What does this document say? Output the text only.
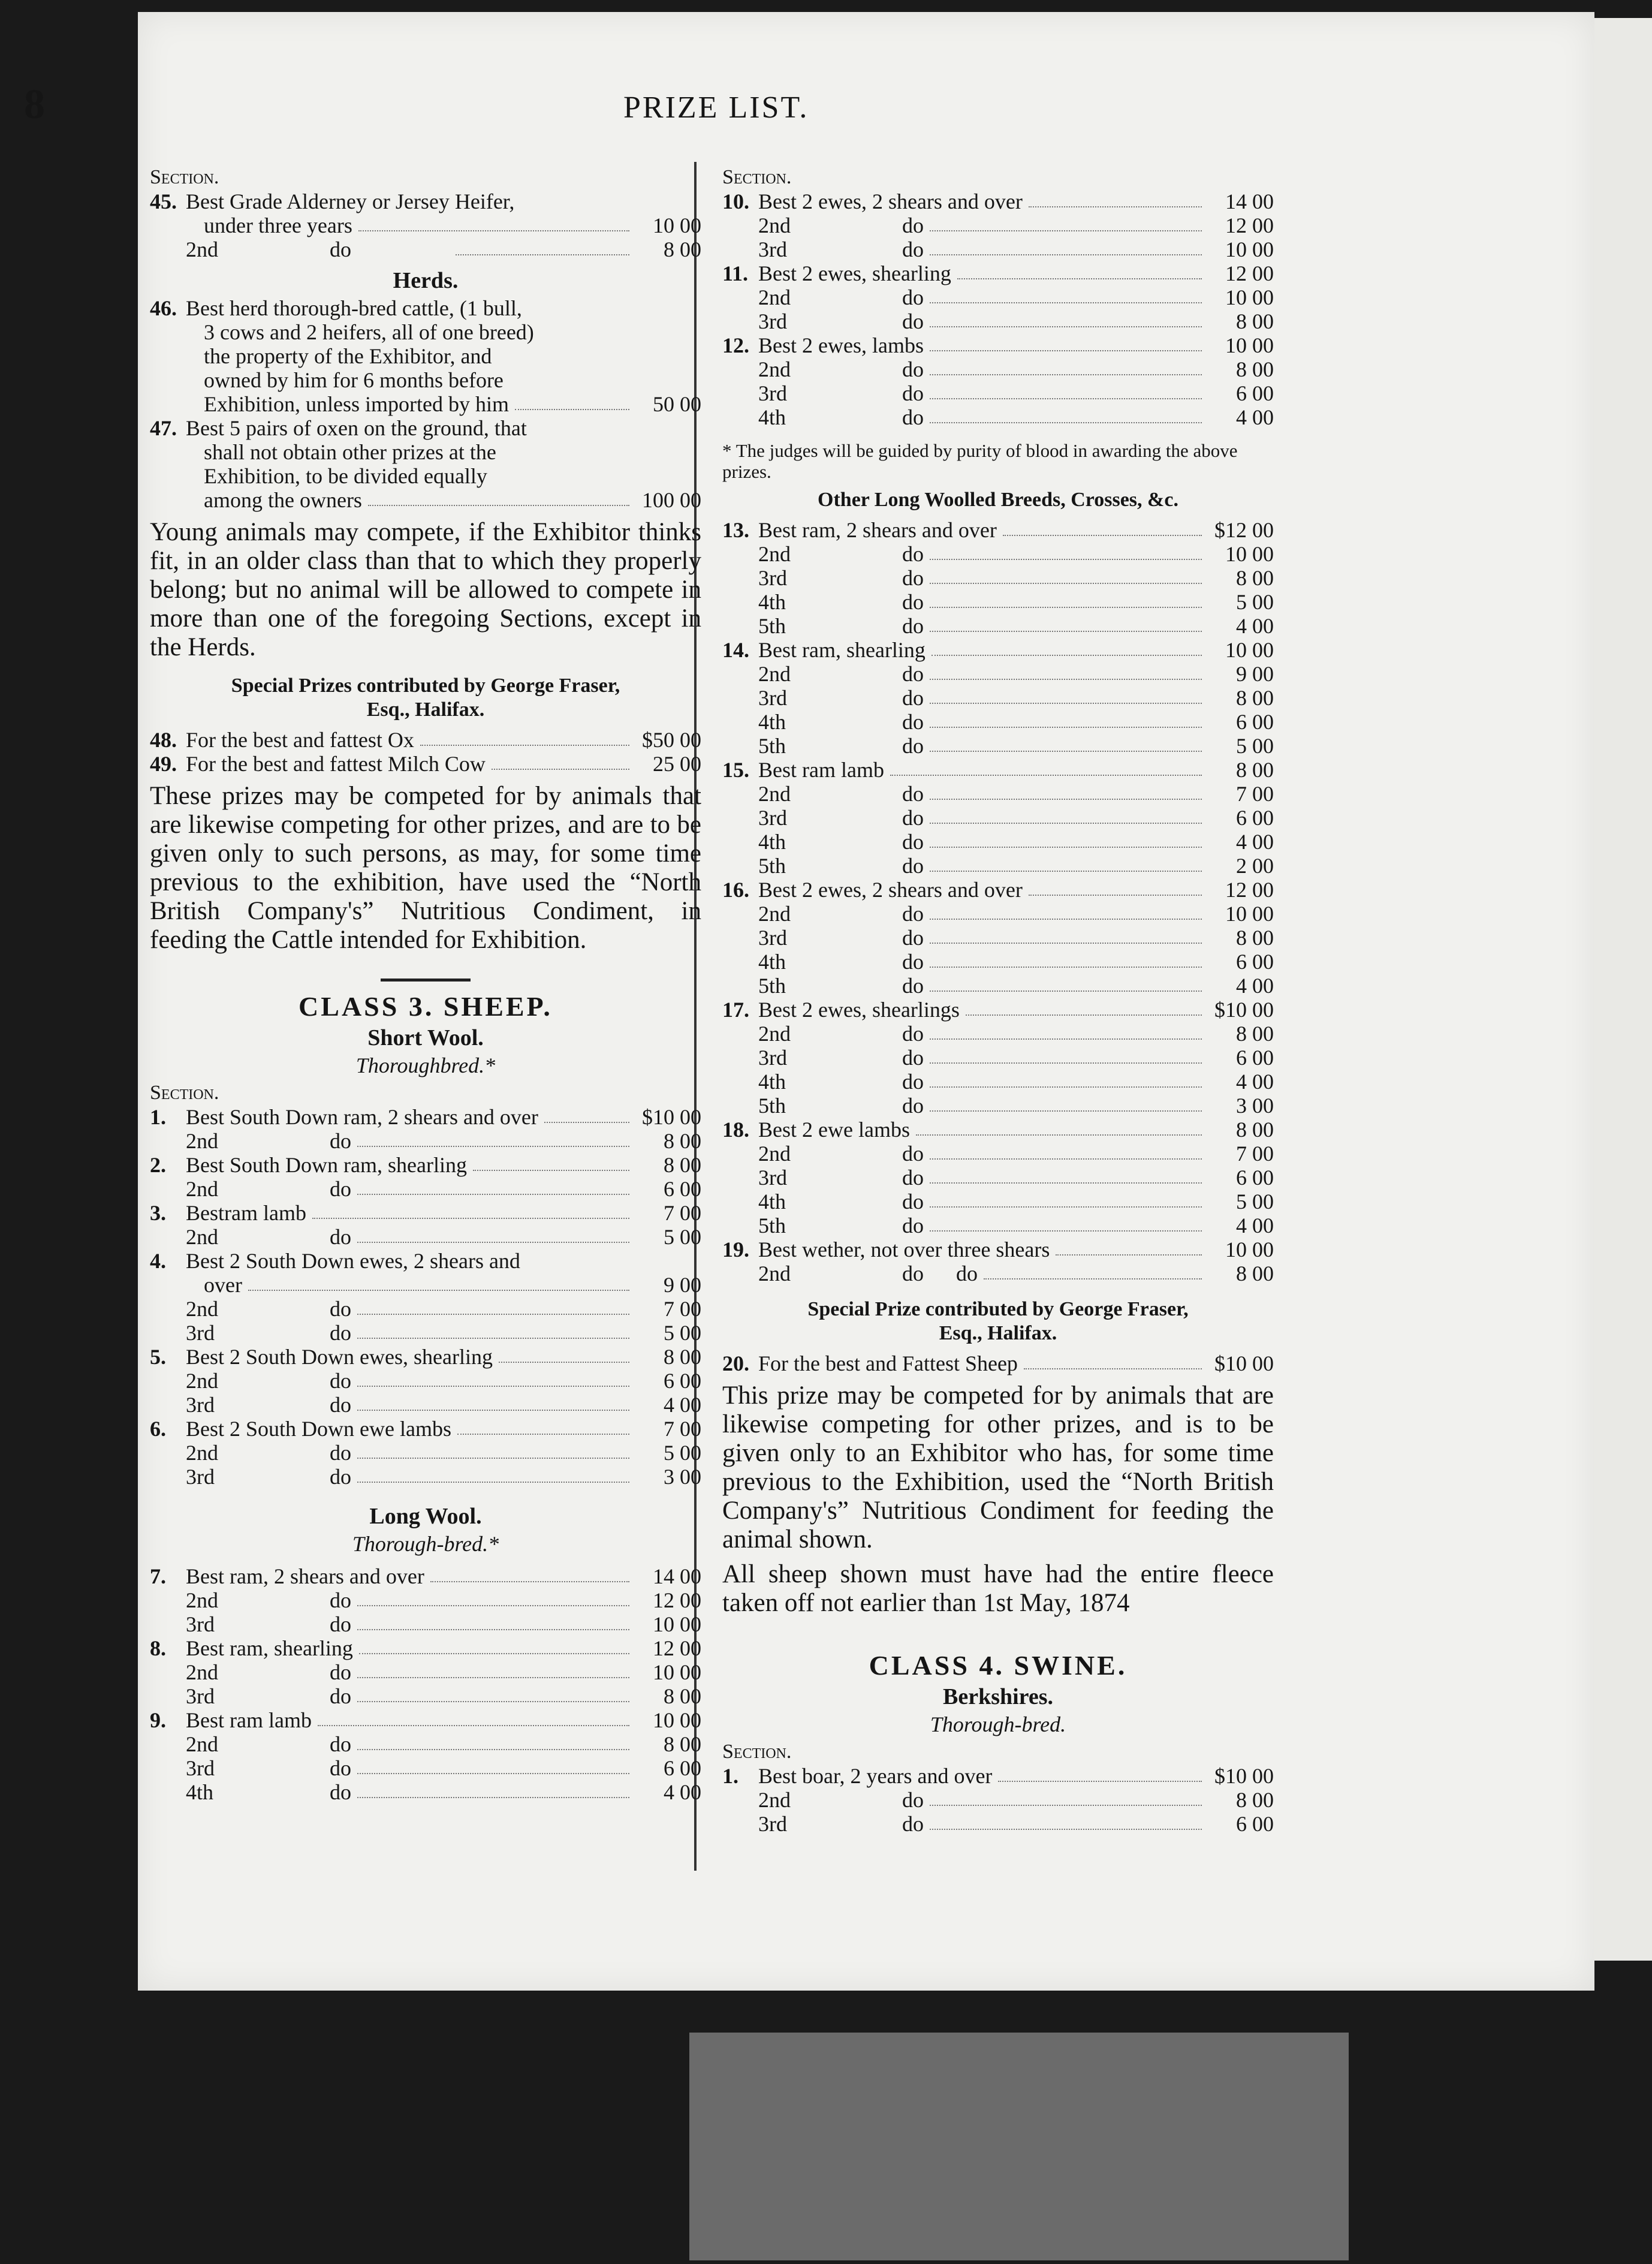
8	PRIZE LIST.
Section.
45. Best Grade Alderney or Jersey Heifer,
under three years	10 00
2nd	do	8 00
Herds.
46. Best herd thorough-bred cattle, (1 bull,
3 cows and 2 heifers, all of one breed)
the property of the Exhibitor, and
owned by him for 6 months before
Exhibition, unless imported by him	50 00
47. Best 5 pairs of oxen on the ground, that
shall not obtain other prizes at the
Exhibition, to be divided equally
among the owners	100 00

Young animals may compete, if the Exhibitor thinks fit, in an older class than that to which they properly belong; but no animal will be allowed to compete in more than one of the foregoing Sections, except in the Herds.

Special Prizes contributed by George Fraser,
Esq., Halifax.
48. For the best and fattest Ox	$50 00
49. For the best and fattest Milch Cow	25 00

These prizes may be competed for by animals that are likewise competing for other prizes, and are to be given only to such persons, as may, for some time previous to the exhibition, have used the “North British Company's” Nutritious Condiment, in feeding the Cattle intended for Exhibition.

CLASS 3. SHEEP.
Short Wool.
Thoroughbred.*
Section.
1. Best South Down ram, 2 shears and over	$10 00
2nd	do	8 00
2. Best South Down ram, shearling	8 00
2nd	do	6 00
3. Best ram lamb	7 00
2nd	do	5 00
4. Best 2 South Down ewes, 2 shears and
over	9 00
2nd	do	7 00
3rd	do	5 00
5. Best 2 South Down ewes, shearling	8 00
2nd	do	6 00
3rd	do	4 00
6. Best 2 South Down ewe lambs	7 00
2nd	do	5 00
3rd	do	3 00
Long Wool.
Thorough-bred.*
7. Best ram, 2 shears and over	14 00
2nd	do	12 00
3rd	do	10 00
8. Best ram, shearling	12 00
2nd	do	10 00
3rd	do	8 00
9. Best ram lamb	10 00
2nd	do	8 00
3rd	do	6 00
4th	do	4 00
Section.
10. Best 2 ewes, 2 shears and over	14 00
2nd	do	12 00
3rd	do	10 00
11. Best 2 ewes, shearling	12 00
2nd	do	10 00
3rd	do	8 00
12. Best 2 ewes, lambs	10 00
2nd	do	8 00
3rd	do	6 00
4th	do	4 00

* The judges will be guided by purity of blood in awarding the above prizes.

Other Long Woolled Breeds, Crosses, &c.
13. Best ram, 2 shears and over	$12 00
2nd	do	10 00
3rd	do	8 00
4th	do	5 00
5th	do	4 00
14. Best ram, shearling	10 00
2nd	do	9 00
3rd	do	8 00
4th	do	6 00
5th	do	5 00
15. Best ram lamb	8 00
2nd	do	7 00
3rd	do	6 00
4th	do	4 00
5th	do	2 00
16. Best 2 ewes, 2 shears and over	12 00
2nd	do	10 00
3rd	do	8 00
4th	do	6 00
5th	do	4 00
17. Best 2 ewes, shearlings	$10 00
2nd	do	8 00
3rd	do	6 00
4th	do	4 00
5th	do	3 00
18. Best 2 ewe lambs	8 00
2nd	do	7 00
3rd	do	6 00
4th	do	5 00
5th	do	4 00
19. Best wether, not over three shears	10 00
2nd	do      do	8 00
Special Prize contributed by George Fraser,
Esq., Halifax.
20. For the best and Fattest Sheep	$10 00

This prize may be competed for by animals that are likewise competing for other prizes, and is to be given only to an Exhibitor who has, for some time previous to the Exhibition, used the “North British Company's” Nutritious Condiment for feeding the animal shown.

All sheep shown must have had the entire fleece taken off not earlier than 1st May, 1874

CLASS 4. SWINE.
Berkshires.
Thorough-bred.
Section.
1. Best boar, 2 years and over	$10 00
2nd	do	8 00
3rd	do	6 00
